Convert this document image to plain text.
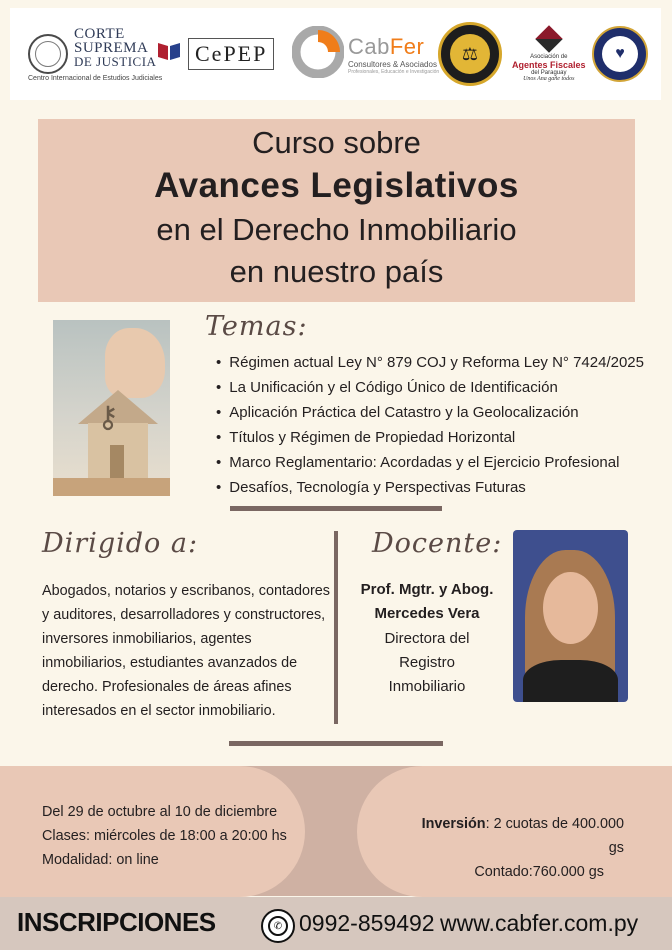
CORTE
SUPREMA
DE JUSTICIA
Centro Internacional de Estudios Judiciales
CePEP	CabFer
Consultores & Asociados
Profesionales, Educación e Investigación
⚖	Asociación de
Agentes Fiscales
del Paraguay
Unos Ana gañe todos
♥
Curso sobre
Avances Legislativos
en el Derecho Inmobiliario
en nuestro país
⚷
Temas:
• Régimen actual Ley N° 879 COJ y Reforma Ley N° 7424/2025
• La Unificación y el Código Único de Identificación
• Aplicación Práctica del Catastro y la Geolocalización
• Títulos y Régimen de Propiedad Horizontal
• Marco Reglamentario: Acordadas y el Ejercicio Profesional
• Desafíos, Tecnología y Perspectivas Futuras
Dirigido a:
Abogados, notarios y escribanos, contadores
y auditores, desarrolladores y constructores,
inversores inmobiliarios, agentes
inmobiliarios, estudiantes avanzados de
derecho. Profesionales de áreas afines
interesados en el sector inmobiliario.
Docente:
Prof. Mgtr. y Abog.
Mercedes Vera
Directora del
Registro
Inmobiliario
Del 29 de octubre al 10 de diciembre
Clases: miércoles de 18:00 a 20:00 hs
Modalidad: on line
Inversión: 2 cuotas de 400.000 gs
Contado:760.000 gs
INSCRIPCIONES	✆ 0992-859492 www.cabfer.com.py
